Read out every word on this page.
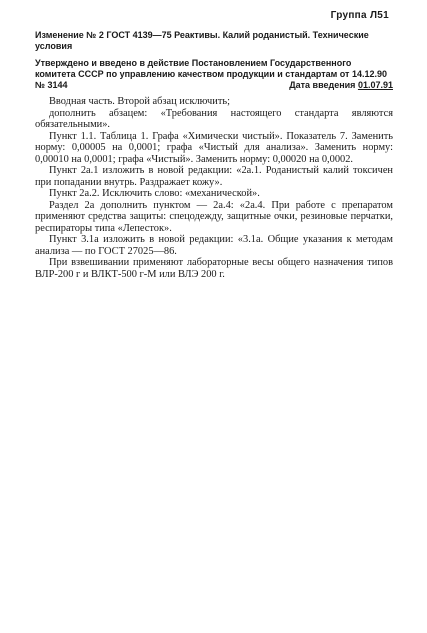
Группа Л51
Изменение № 2 ГОСТ 4139—75 Реактивы. Калий роданистый. Технические условия
Утверждено и введено в действие Постановлением Государственного комитета СССР по управлению качеством продукции и стандартам от 14.12.90 № 3144	Дата введения 01.07.91

Вводная часть. Второй абзац исключить;

дополнить абзацем: «Требования настоящего стандарта являются обязательными».

Пункт 1.1. Таблица 1. Графа «Химически чистый». Показатель 7. Заменить норму: 0,00005 на 0,0001; графа «Чистый для анализа». Заменить норму: 0,00010 на 0,0001; графа «Чистый». Заменить норму: 0,00020 на 0,0002.

Пункт 2а.1 изложить в новой редакции: «2а.1. Роданистый калий токсичен при попадании внутрь. Раздражает кожу».

Пункт 2а.2. Исключить слово: «механической».

Раздел 2а дополнить пунктом — 2а.4: «2а.4. При работе с препаратом применяют средства защиты: спецодежду, защитные очки, резиновые перчатки, респираторы типа «Лепесток».

Пункт 3.1а изложить в новой редакции: «3.1а. Общие указания к методам анализа — по ГОСТ 27025—86.

При взвешивании применяют лабораторные весы общего назначения типов ВЛР-200 г и ВЛКТ-500 г-М или ВЛЭ 200 г.
